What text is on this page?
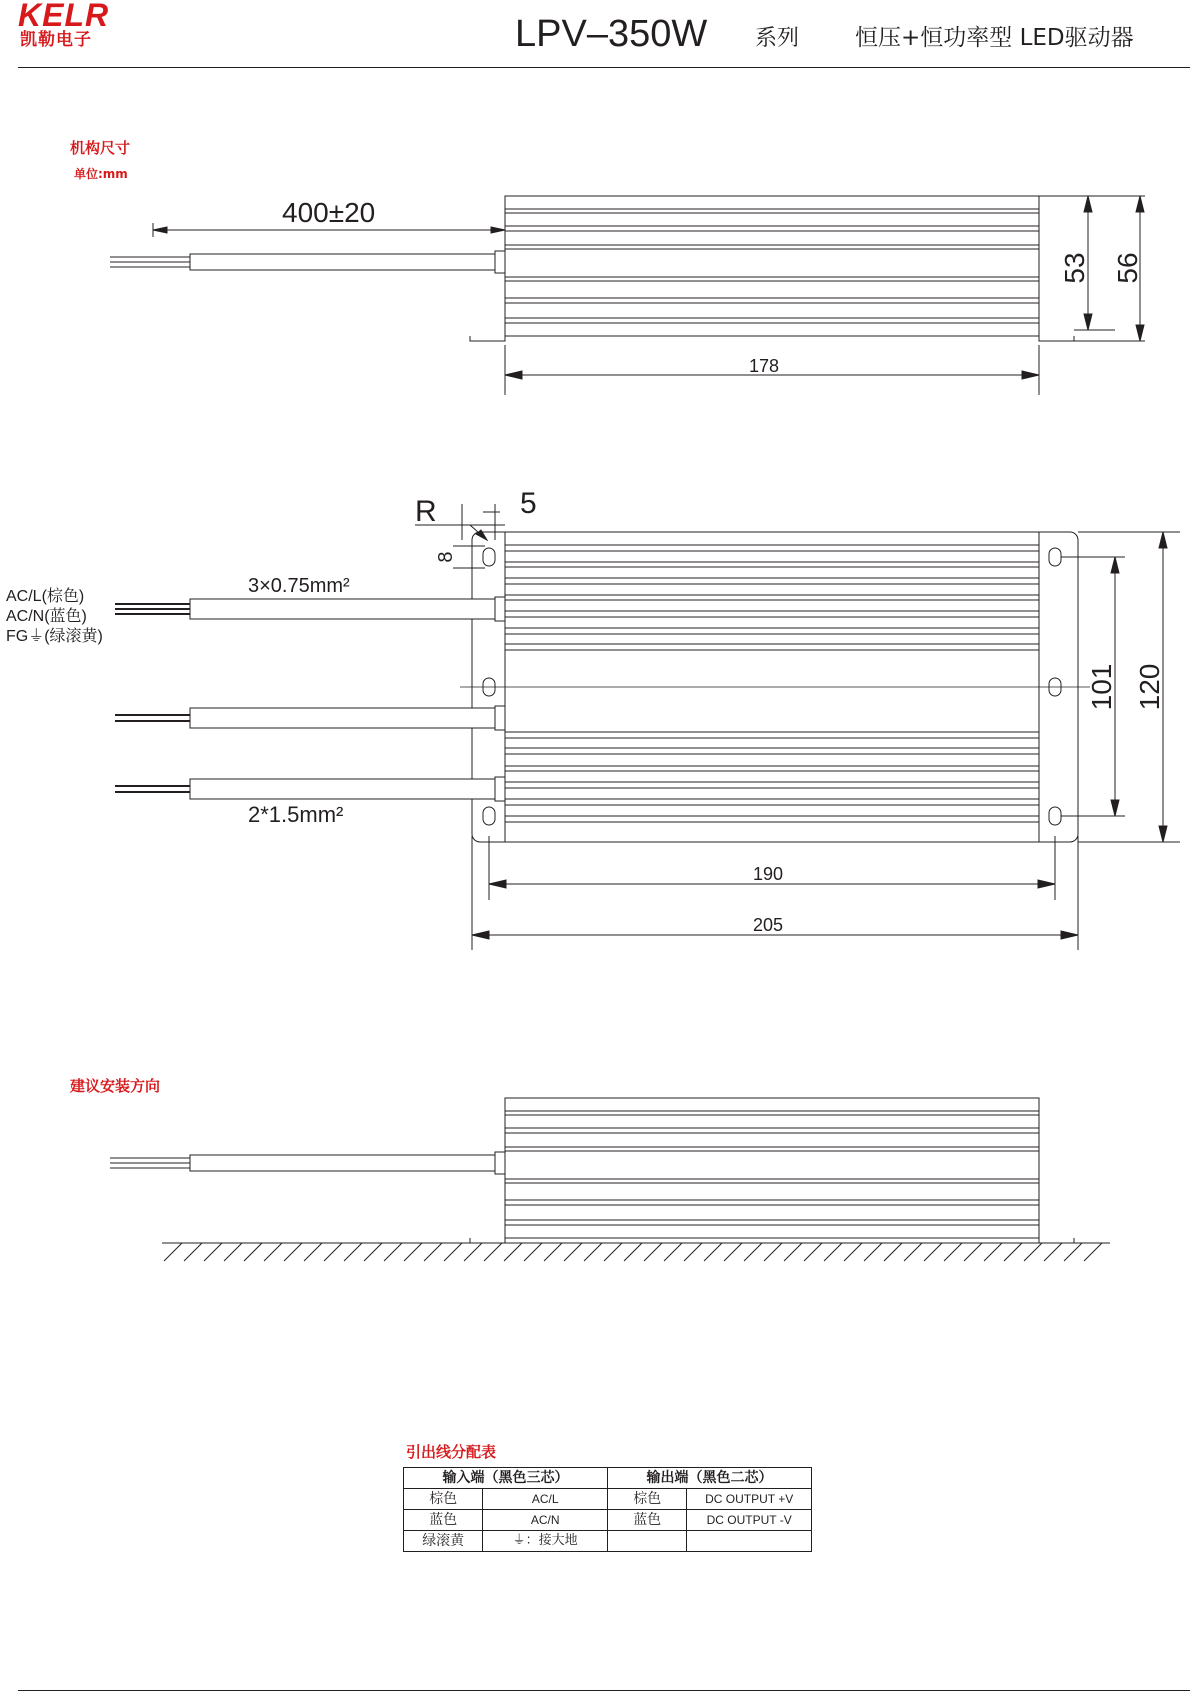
KELR
凯勒电子	LPV–350W 系列 恒压+恒功率型 LED驱动器
机构尺寸
单位:mm
建议安装方向
引出线分配表
400±20
178
53 56
R	5
8
3×0.75mm²
2*1.5mm²
AC/L(棕色)
AC/N(蓝色)
FG⏚(绿滚黄)
101 120
190
205
输入端（黑色三芯）		输出端（黑色二芯）	
棕色	AC/L	棕色	DC OUTPUT +V
蓝色	AC/N	蓝色	DC OUTPUT -V
绿滚黄	⏚：接大地		
